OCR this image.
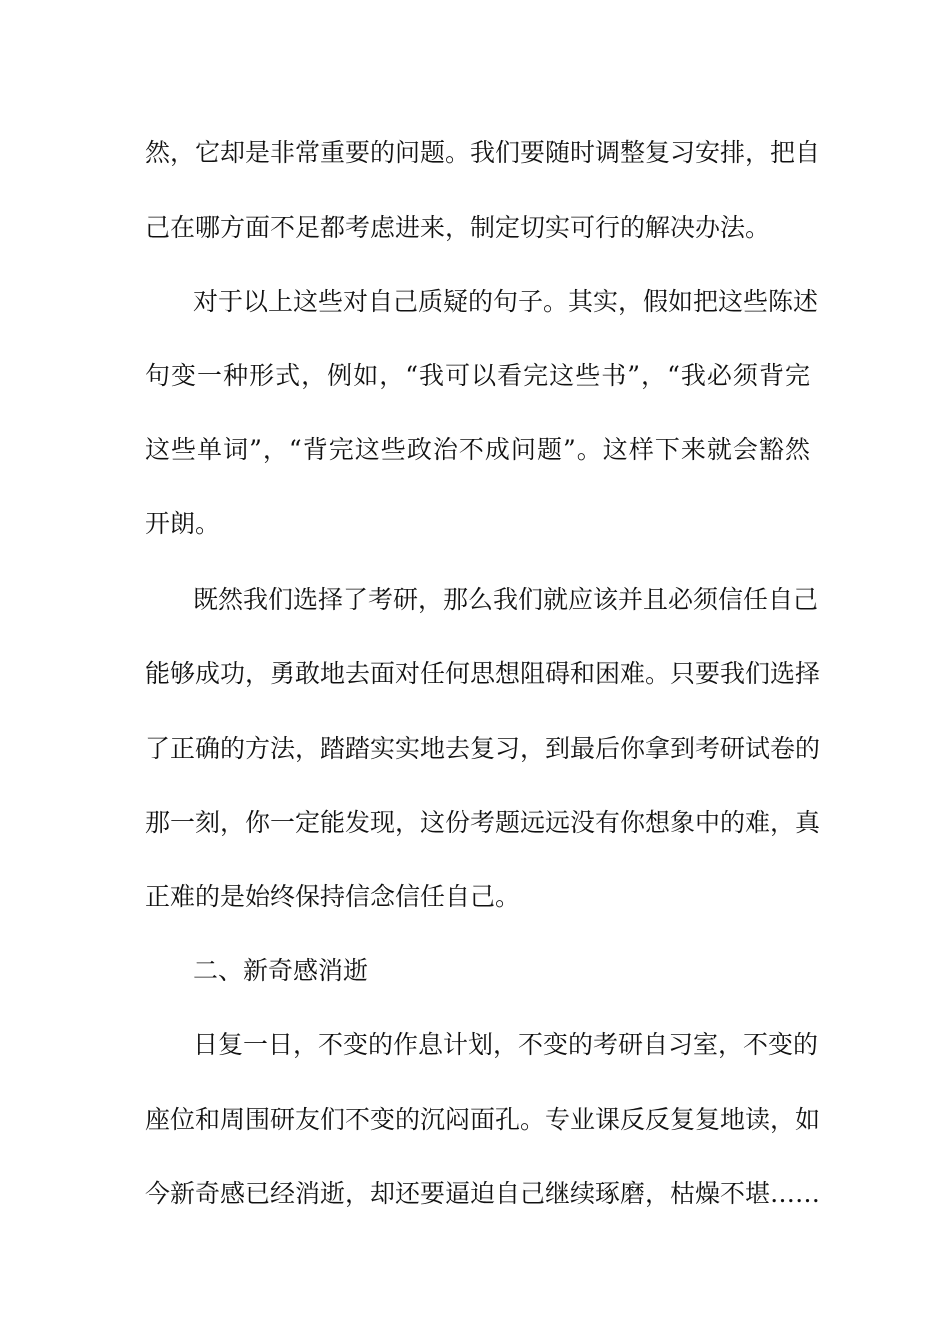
然，它却是非常重要的问题。我们要随时调整复习安排，把自
己在哪方面不足都考虑进来，制定切实可行的解决办法。
对于以上这些对自己质疑的句子。其实，假如把这些陈述
句变一种形式，例如，“我可以看完这些书”，“我必须背完
这些单词”，“背完这些政治不成问题”。这样下来就会豁然
开朗。
既然我们选择了考研，那么我们就应该并且必须信任自己
能够成功，勇敢地去面对任何思想阻碍和困难。只要我们选择
了正确的方法，踏踏实实地去复习，到最后你拿到考研试卷的
那一刻，你一定能发现，这份考题远远没有你想象中的难，真
正难的是始终保持信念信任自己。
二、新奇感消逝
日复一日，不变的作息计划，不变的考研自习室，不变的
座位和周围研友们不变的沉闷面孔。专业课反反复复地读，如
今新奇感已经消逝，却还要逼迫自己继续琢磨，枯燥不堪……
